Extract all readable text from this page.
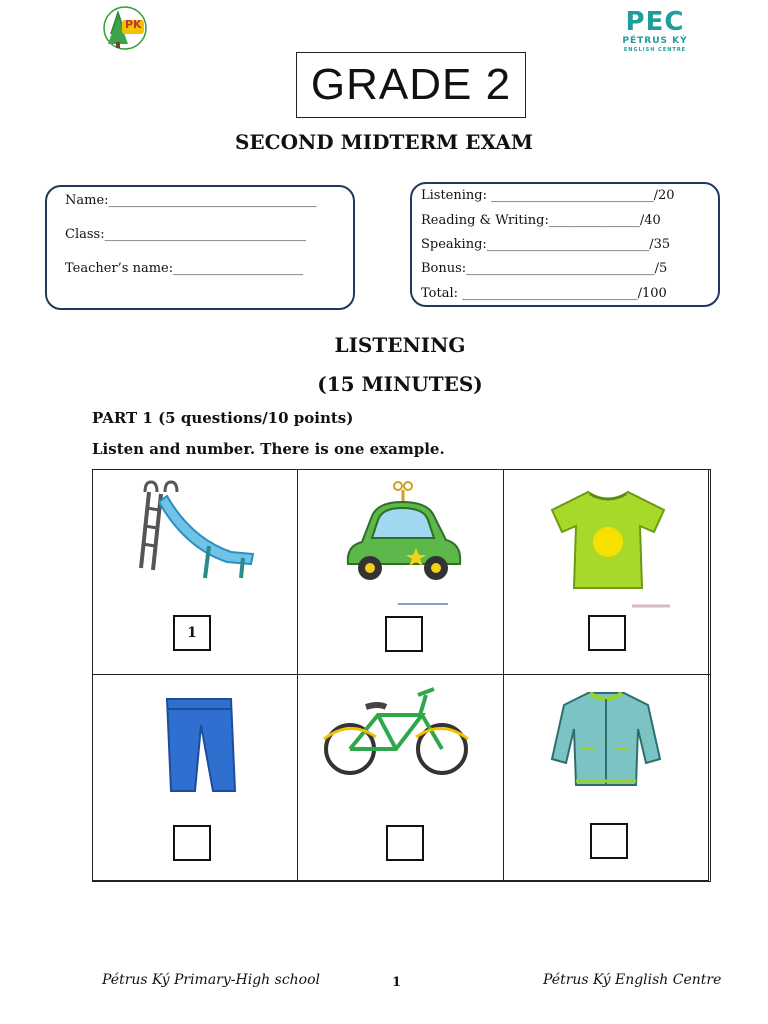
PK	PEC
PÉTRUS KÝ
ENGLISH CENTRE
GRADE 2
SECOND MIDTERM EXAM
Name:________________________________
Class:_______________________________
Teacher’s name:____________________
Listening: _________________________/20
Reading & Writing:______________/40
Speaking:_________________________/35
Bonus:_____________________________/5
Total: ___________________________/100
LISTENING
(15 MINUTES)
PART 1 (5 questions/10 points)
Listen and number. There is one example.
1
Pétrus Ký Primary-High school	1	Pétrus Ký English Centre
